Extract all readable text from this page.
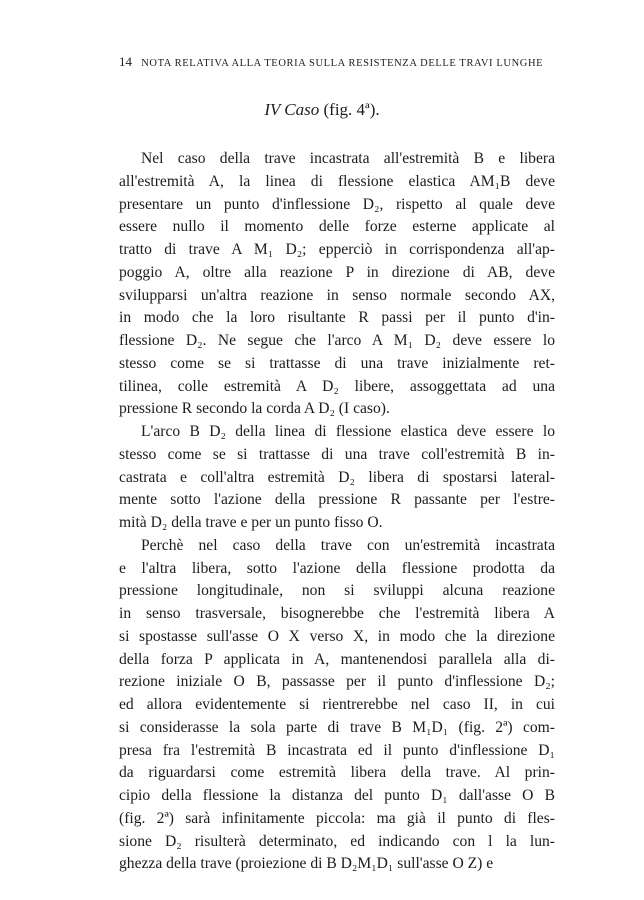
14 NOTA RELATIVA ALLA TEORIA SULLA RESISTENZA DELLE TRAVI LUNGHE
IV Caso (fig. 4ª).
Nel caso della trave incastrata all'estremità B e libera
all'estremità A, la linea di flessione elastica AM₁B deve
presentare un punto d'inflessione D₂, rispetto al quale deve
essere nullo il momento delle forze esterne applicate al
tratto di trave A M₁ D₂; epperciò in corrispondenza all'ap-
poggio A, oltre alla reazione P in direzione di AB, deve
svilupparsi un'altra reazione in senso normale secondo AX,
in modo che la loro risultante R passi per il punto d'in-
flessione D₂. Ne segue che l'arco A M₁ D₂ deve essere lo
stesso come se si trattasse di una trave inizialmente ret-
tilinea, colle estremità A D₂ libere, assoggettata ad una
pressione R secondo la corda A D₂ (I caso).
L'arco B D₂ della linea di flessione elastica deve essere lo
stesso come se si trattasse di una trave coll'estremità B in-
castrata e coll'altra estremità D₂ libera di spostarsi lateral-
mente sotto l'azione della pressione R passante per l'estre-
mità D₂ della trave e per un punto fisso O.
Perchè nel caso della trave con un'estremità incastrata
e l'altra libera, sotto l'azione della flessione prodotta da
pressione longitudinale, non si sviluppi alcuna reazione
in senso trasversale, bisognerebbe che l'estremità libera A
si spostasse sull'asse O X verso X, in modo che la direzione
della forza P applicata in A, mantenendosi parallela alla di-
rezione iniziale O B, passasse per il punto d'inflessione D₂;
ed allora evidentemente si rientrerebbe nel caso II, in cui
si considerasse la sola parte di trave B M₁D₁ (fig. 2ª) com-
presa fra l'estremità B incastrata ed il punto d'inflessione D₁
da riguardarsi come estremità libera della trave. Al prin-
cipio della flessione la distanza del punto D₁ dall'asse O B
(fig. 2ª) sarà infinitamente piccola: ma già il punto di fles-
sione D₂ risulterà determinato, ed indicando con l la lun-
ghezza della trave (proiezione di B D₂M₁D₁ sull'asse O Z) e
